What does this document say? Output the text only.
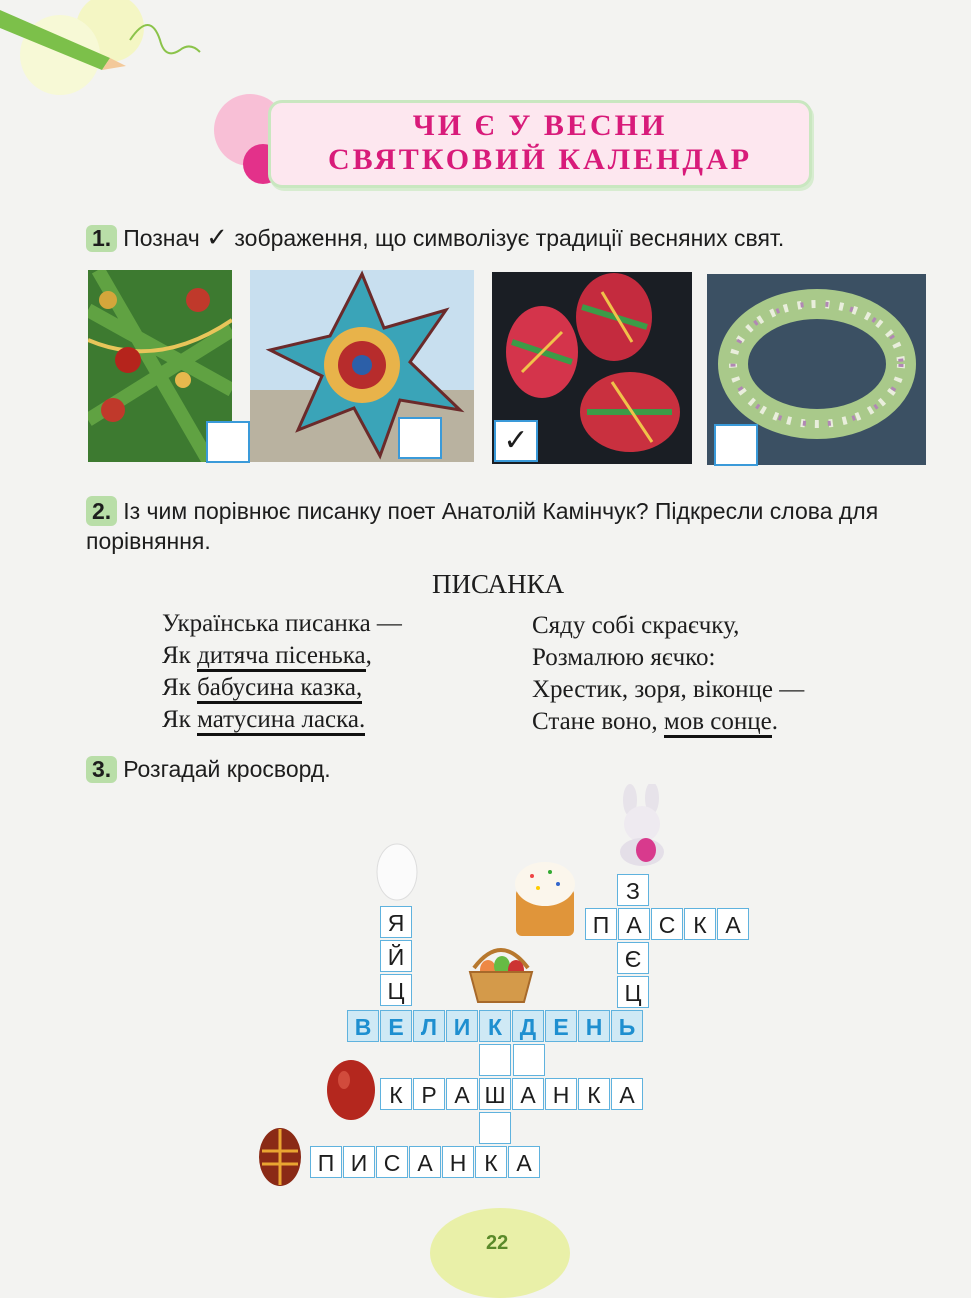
ЧИ Є У ВЕСНИ
СВЯТКОВИЙ КАЛЕНДАР
1. Познач ✓ зображення, що символізує традиції весняних свят.
✓
2. Із чим порівнює писанку поет Анатолій Камінчук? Підкресли слова для порівняння.
ПИСАНКА
Українська писанка —
Як дитяча пісенька,
Як бабусина казка,
Як матусина ласка.
Сяду собі скраєчку,
Розмалюю яєчко:
Хрестик, зоря, віконце —
Стане воно, мов сонце.
3. Розгадай кросворд.
Я
Й
Ц
П А С К А
З
Є
Ц
В Е Л И К Д Е Н Ь
К Р А Ш А Н К А
П И С А Н К А
22
